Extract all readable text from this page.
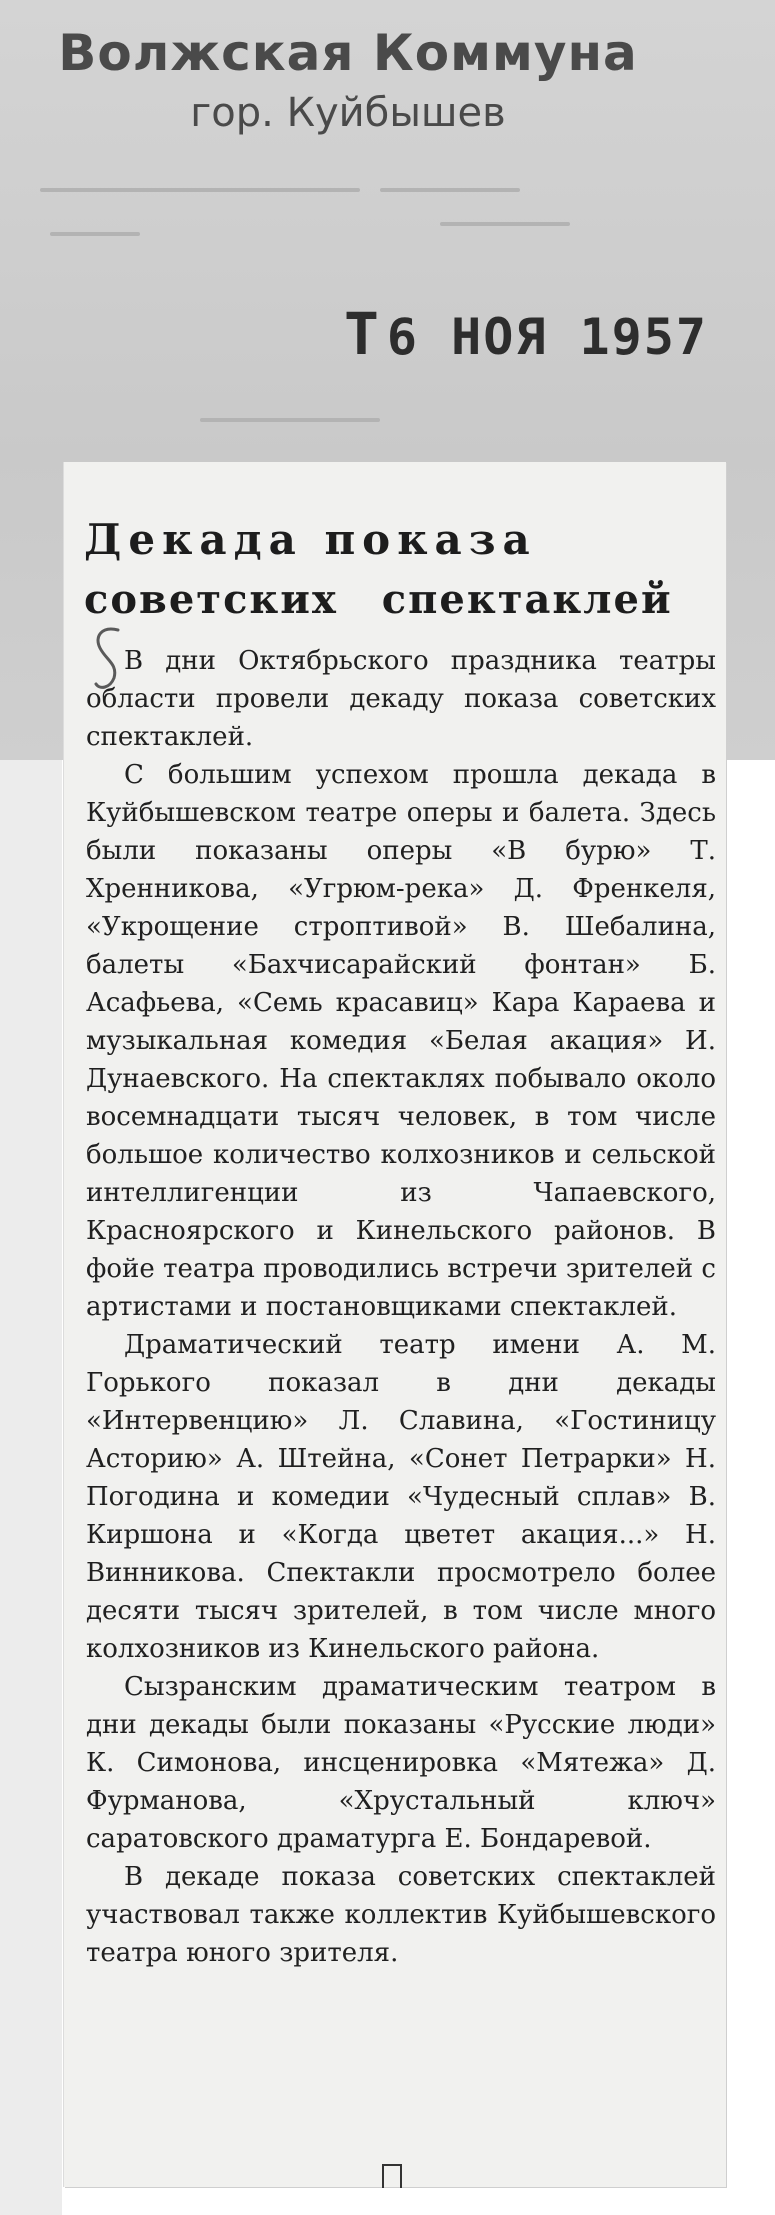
Волжская Коммуна
гор. Куйбышев
Т 6 НОЯ 1957
Декада показа
советских спектаклей

В дни Октябрьского праздника театры области провели декаду показа советских спектаклей.

С большим успехом прошла декада в Куйбышевском театре оперы и балета. Здесь были показаны оперы «В бурю» Т. Хренникова, «Угрюм-река» Д. Френкеля, «Укрощение строптивой» В. Шебалина, балеты «Бахчисарайский фонтан» Б. Асафьева, «Семь красавиц» Кара Караева и музыкальная комедия «Белая акация» И. Дунаевского. На спектаклях побывало около восемнадцати тысяч человек, в том числе большое количество колхозников и сельской интеллигенции из Чапаевского, Красноярского и Кинельского районов. В фойе театра проводились встречи зрителей с артистами и постановщиками спектаклей.

Драматический театр имени А. М. Горького показал в дни декады «Интервенцию» Л. Славина, «Гостиницу Асторию» А. Штейна, «Сонет Петрарки» Н. Погодина и комедии «Чудесный сплав» В. Киршона и «Когда цветет акация...» Н. Винникова. Спектакли просмотрело более десяти тысяч зрителей, в том числе много колхозников из Кинельского района.

Сызранским драматическим театром в дни декады были показаны «Русские люди» К. Симонова, инсценировка «Мятежа» Д. Фурманова, «Хрустальный ключ» саратовского драматурга Е. Бондаревой.

В декаде показа советских спектаклей участвовал также коллектив Куйбышевского театра юного зрителя.
